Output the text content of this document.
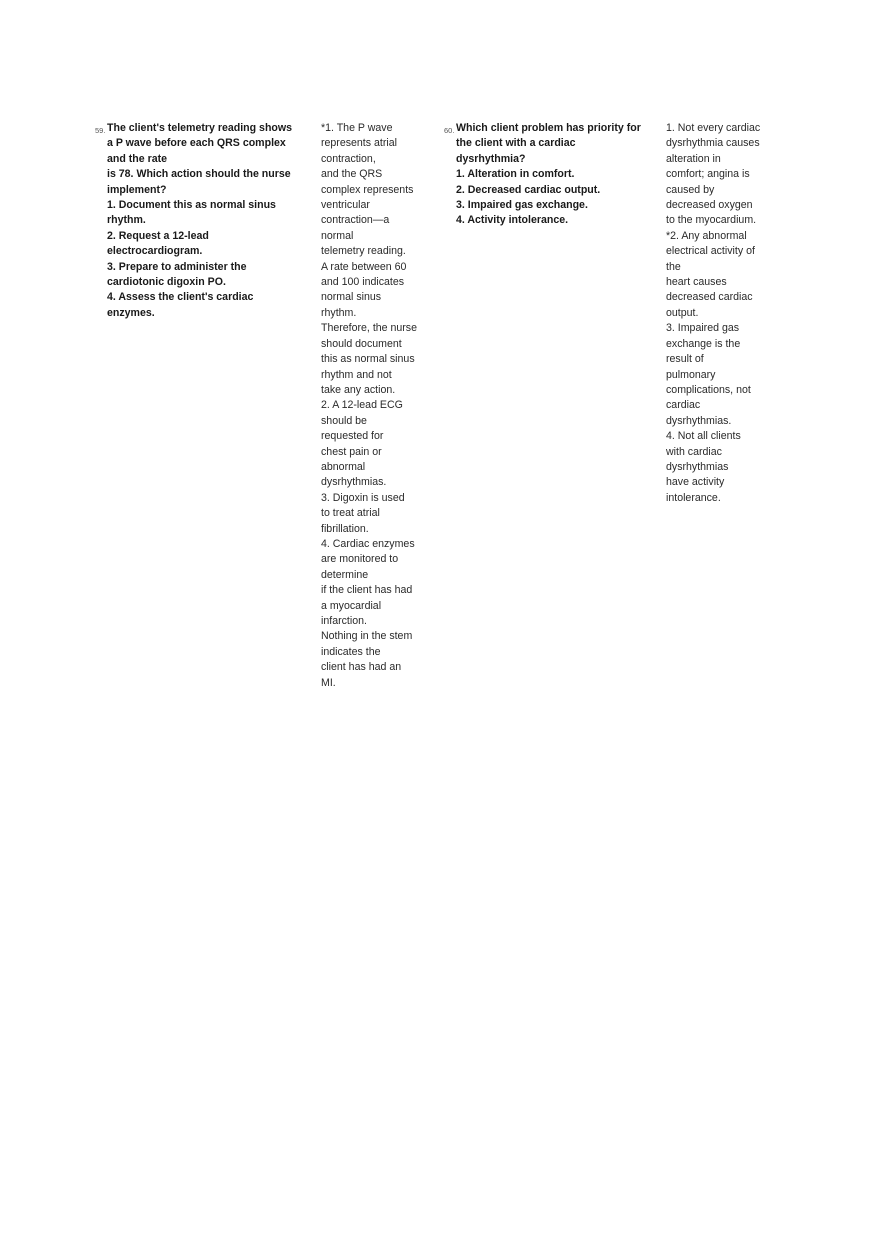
59. The client's telemetry reading shows
a P wave before each QRS complex
and the rate
is 78. Which action should the nurse
implement?
1. Document this as normal sinus
rhythm.
2. Request a 12-lead
electrocardiogram.
3. Prepare to administer the
cardiotonic digoxin PO.
4. Assess the client's cardiac
enzymes.
*1. The P wave
represents atrial
contraction,
and the QRS
complex represents
ventricular
contraction—a
normal
telemetry reading.
A rate between 60
and 100 indicates
normal sinus
rhythm.
Therefore, the nurse
should document
this as normal sinus
rhythm and not
take any action.
2. A 12-lead ECG
should be
requested for
chest pain or
abnormal
dysrhythmias.
3. Digoxin is used
to treat atrial
fibrillation.
4. Cardiac enzymes
are monitored to
determine
if the client has had
a myocardial
infarction.
Nothing in the stem
indicates the
client has had an
MI.
60. Which client problem has priority for
the client with a cardiac
dysrhythmia?
1. Alteration in comfort.
2. Decreased cardiac output.
3. Impaired gas exchange.
4. Activity intolerance.
1. Not every cardiac
dysrhythmia causes
alteration in
comfort; angina is
caused by
decreased oxygen
to the myocardium.
*2. Any abnormal
electrical activity of
the
heart causes
decreased cardiac
output.
3. Impaired gas
exchange is the
result of
pulmonary
complications, not
cardiac
dysrhythmias.
4. Not all clients
with cardiac
dysrhythmias
have activity
intolerance.
